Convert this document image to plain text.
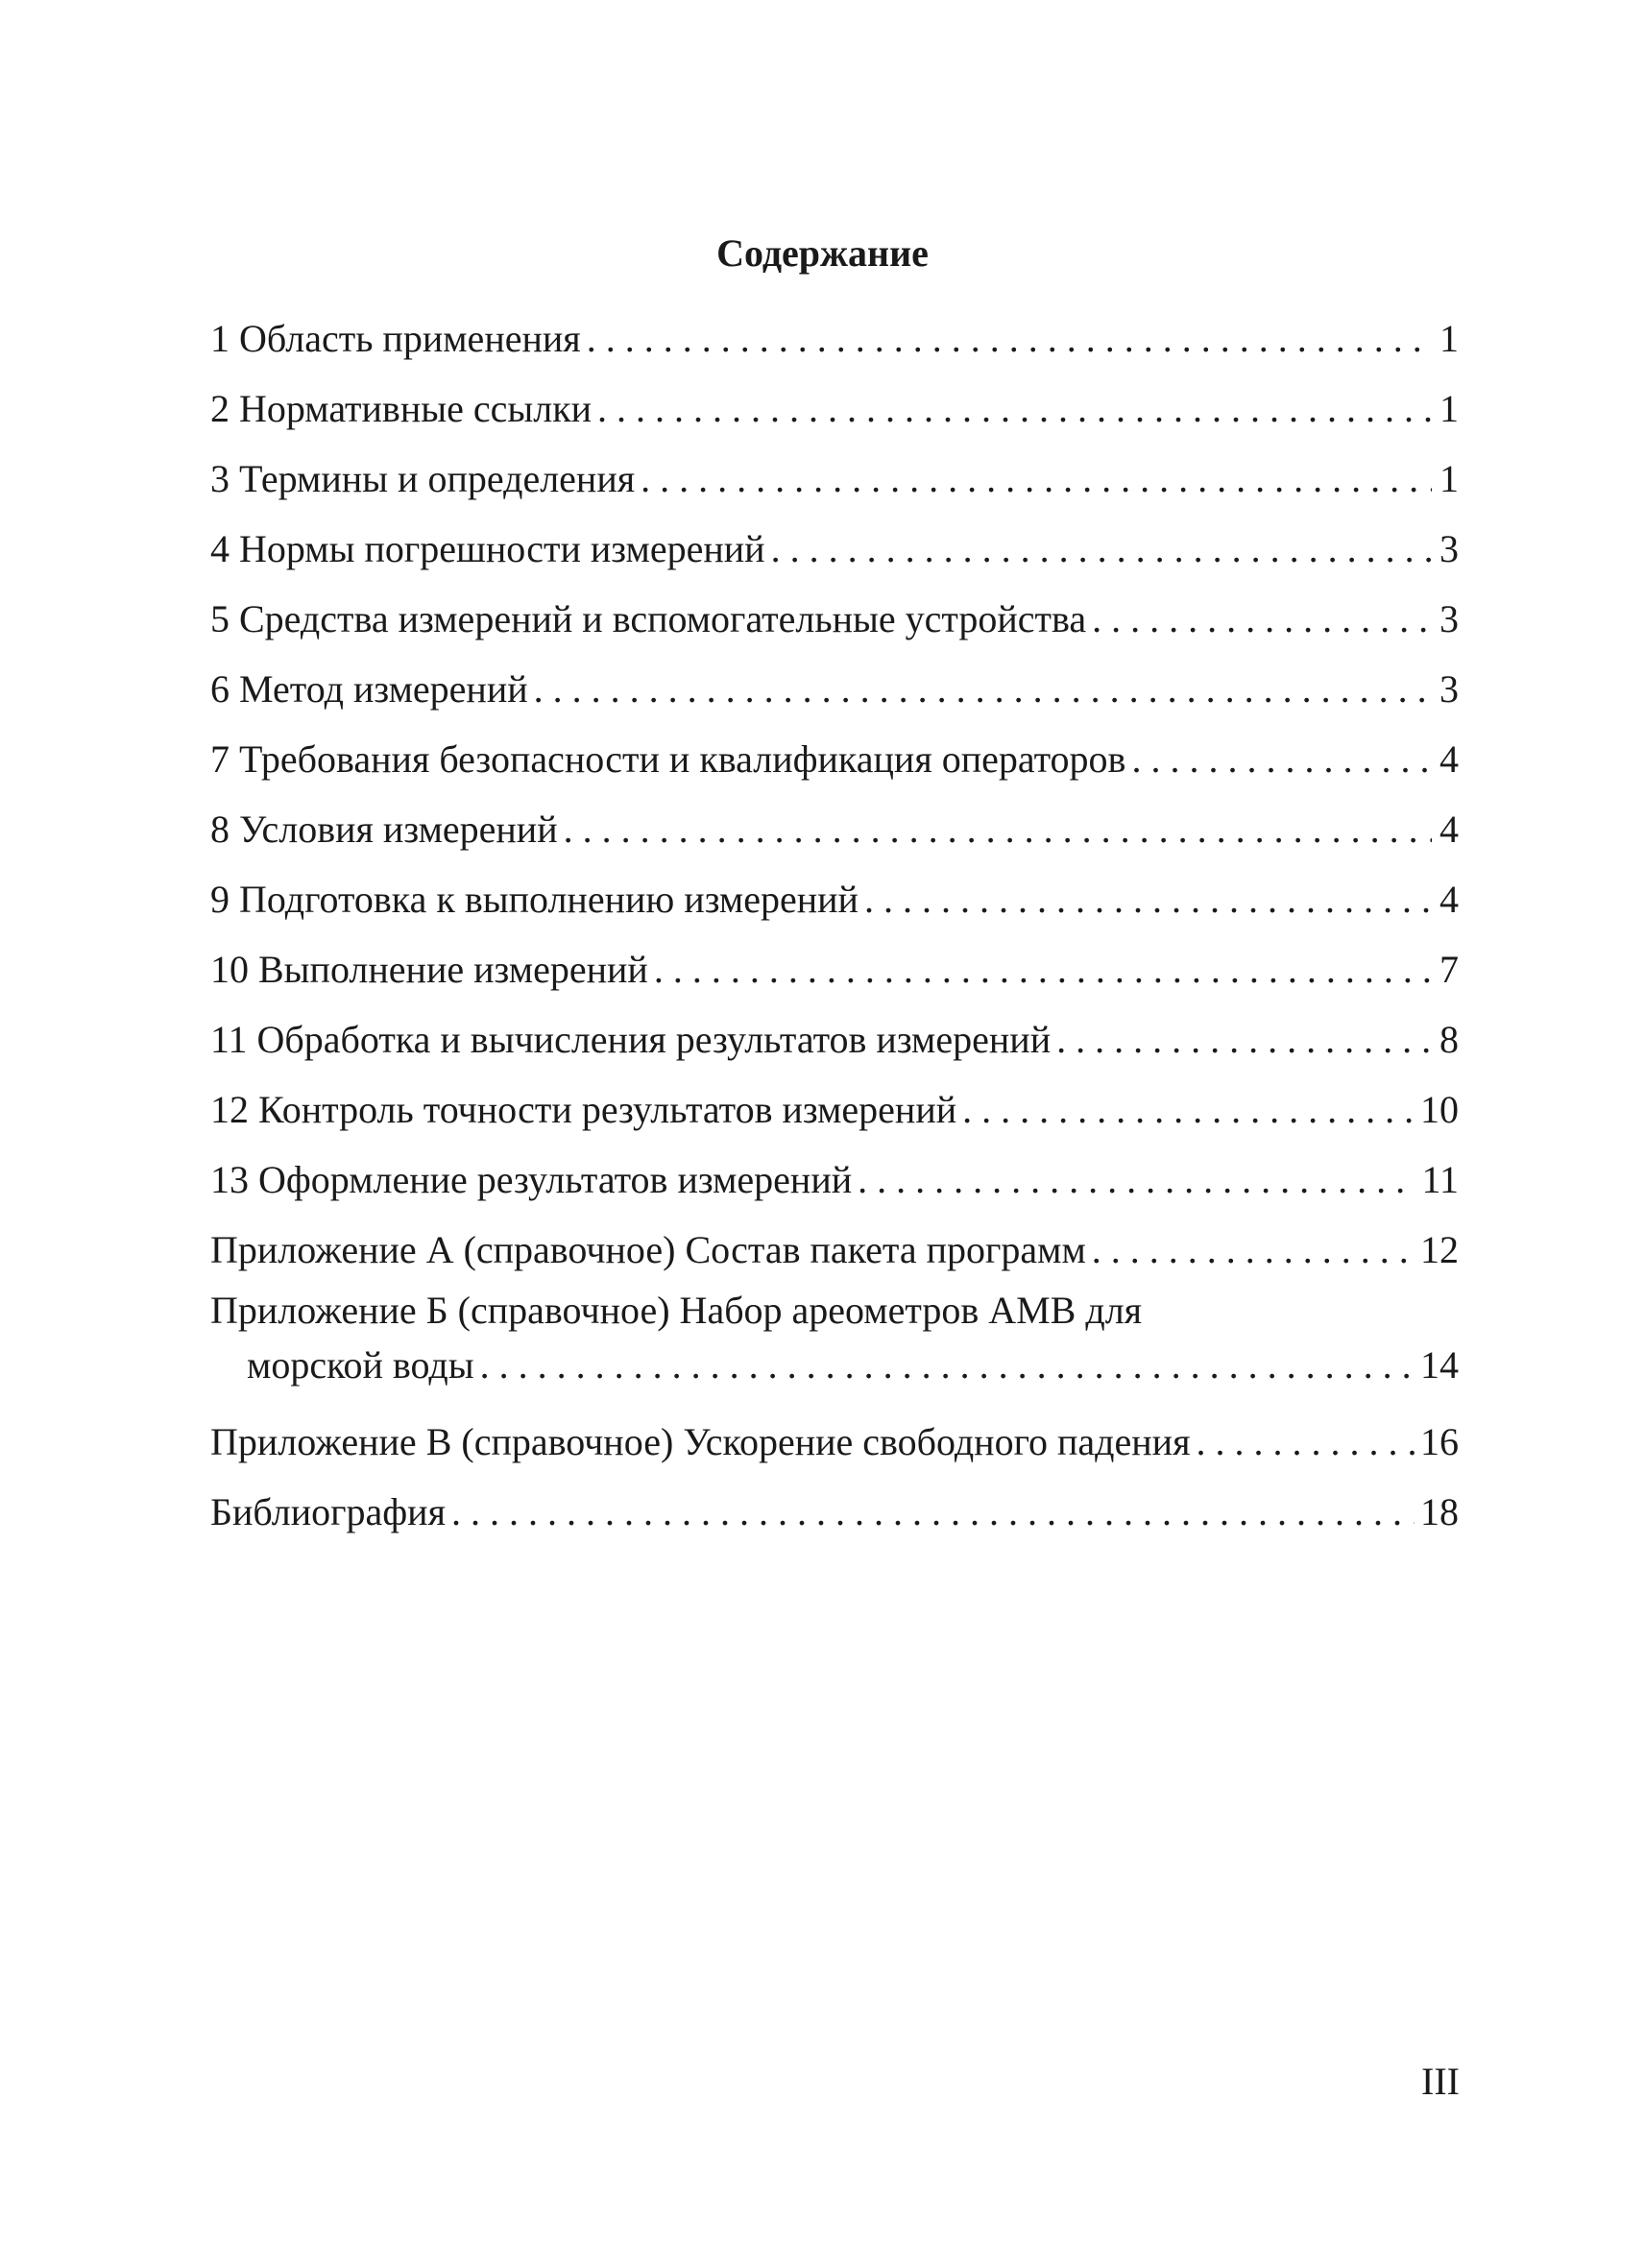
Содержание
1 Область применения . . .	1
2 Нормативные ссылки . . .	1
3 Термины и определения . . .	1
4 Нормы погрешности измерений . . .	3
5 Средства измерений и вспомогательные устройства . . .	3
6 Метод измерений . . .	3
7 Требования безопасности и квалификация операторов . . .	4
8 Условия измерений . . .	4
9 Подготовка к выполнению измерений . . .	4
10 Выполнение измерений . . .	7
11 Обработка и вычисления результатов измерений . . .	8
12 Контроль точности результатов измерений . . .	10
13 Оформление результатов измерений . . .	11
Приложение А (справочное) Состав пакета программ . . .	12
Приложение Б (справочное) Набор ареометров АМВ для
морской воды . . .	14
Приложение В (справочное) Ускорение свободного падения . . .	16
Библиография . . .	18
III
